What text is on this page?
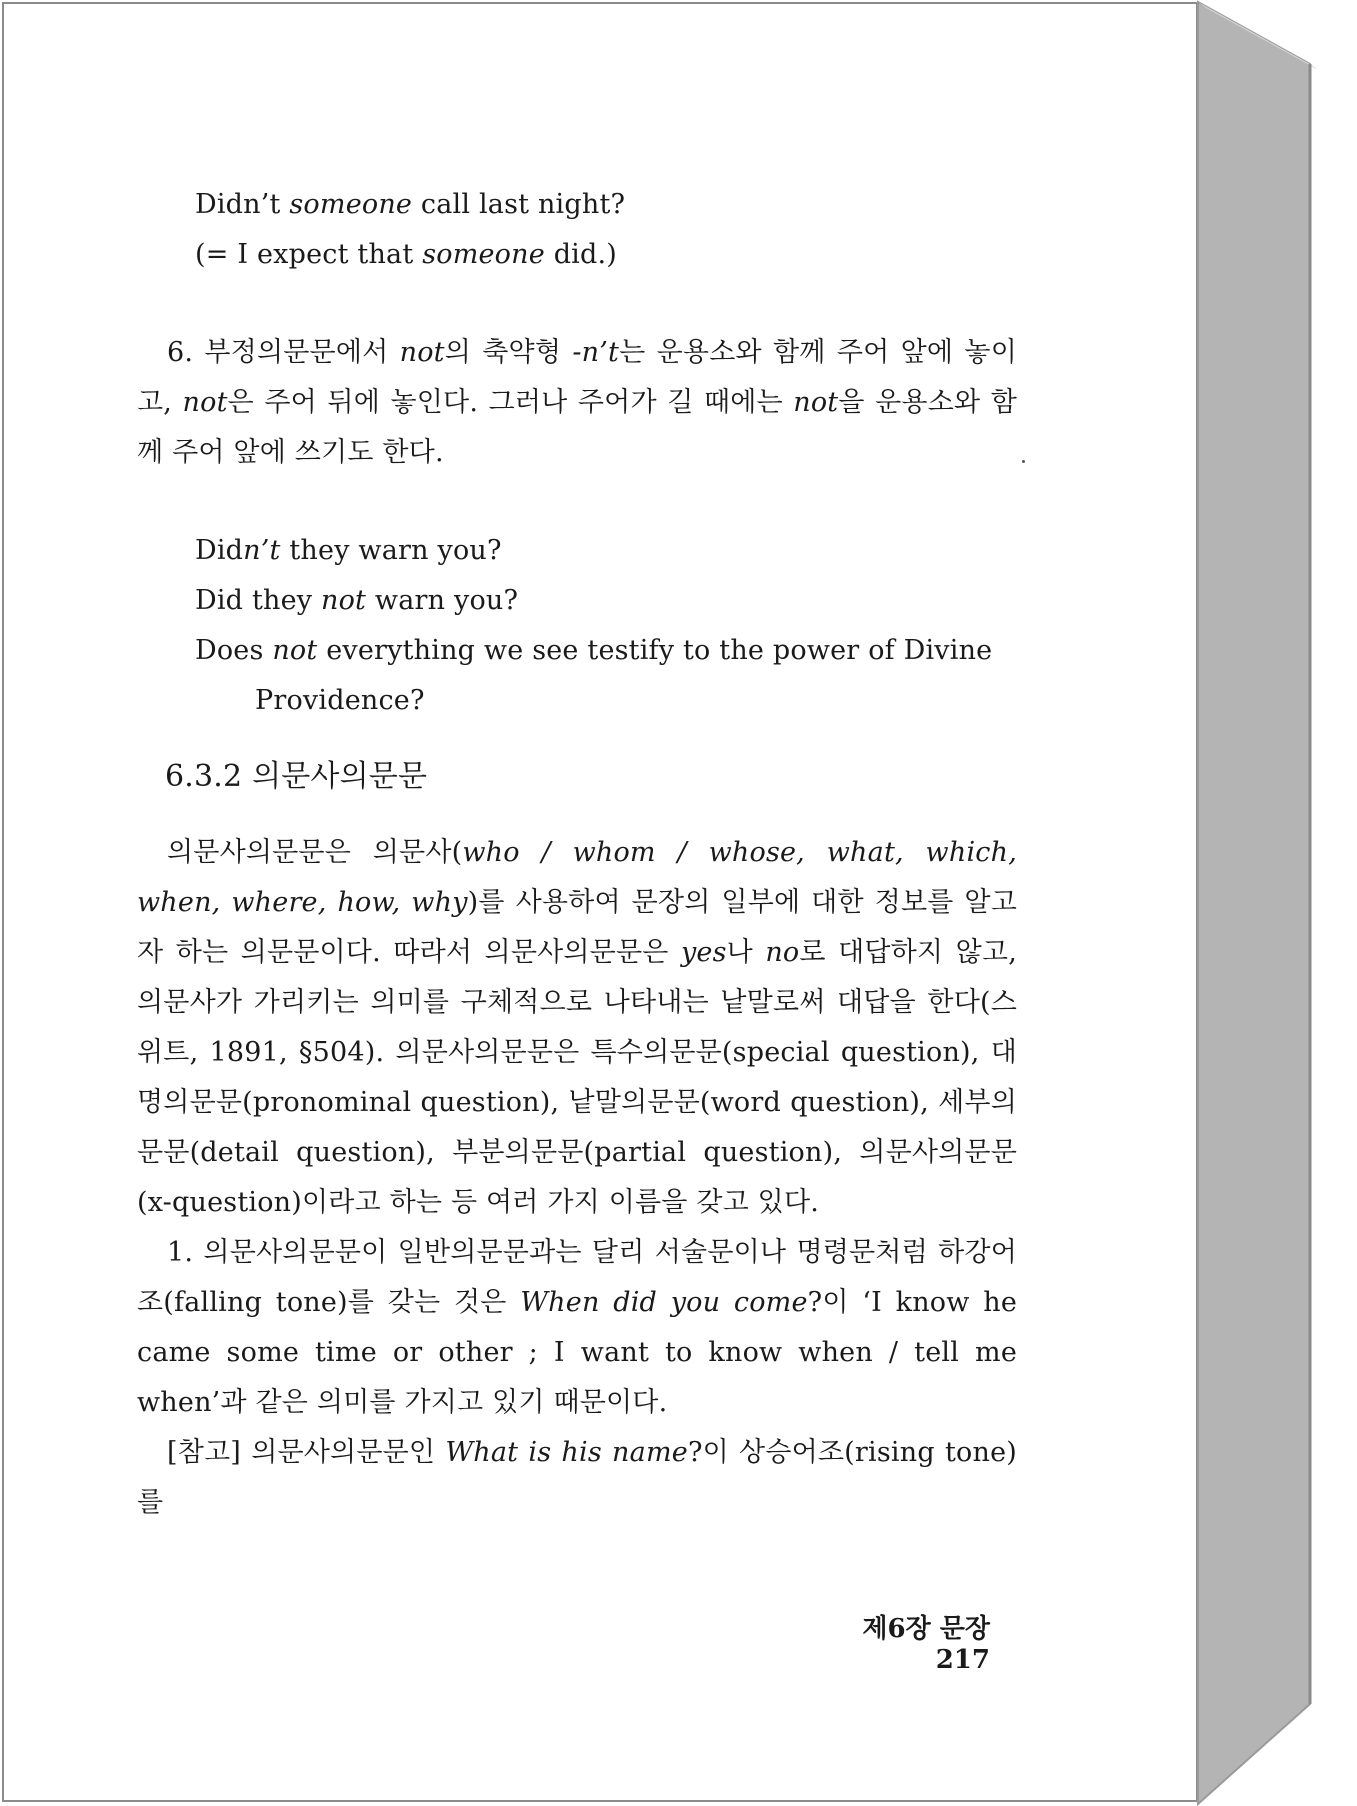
Didn’t someone call last night?
(= I expect that someone did.)
6. 부정의문문에서 not의 축약형 -n’t는 운용소와 함께 주어 앞에 놓이고, not은 주어 뒤에 놓인다. 그러나 주어가 길 때에는 not을 운용소와 함께 주어 앞에 쓰기도 한다.
Didn’t they warn you?
Did they not warn you?
Does not everything we see testify to the power of Divine
Providence?
6.3.2 의문사의문문
의문사의문문은 의문사(who / whom / whose, what, which, when, where, how, why)를 사용하여 문장의 일부에 대한 정보를 알고자 하는 의문문이다. 따라서 의문사의문문은 yes나 no로 대답하지 않고, 의문사가 가리키는 의미를 구체적으로 나타내는 낱말로써 대답을 한다(스위트, 1891, §504). 의문사의문문은 특수의문문(special question), 대명의문문(pronominal question), 낱말의문문(word question), 세부의문문(detail question), 부분의문문(partial question), 의문사의문문(x-question)이라고 하는 등 여러 가지 이름을 갖고 있다.
1. 의문사의문문이 일반의문문과는 달리 서술문이나 명령문처럼 하강어조(falling tone)를 갖는 것은 When did you come?이 ‘I know he came some time or other ; I want to know when / tell me when’과 같은 의미를 가지고 있기 때문이다.
[참고] 의문사의문문인 What is his name?이 상승어조(rising tone)를
제6장 문장 217
